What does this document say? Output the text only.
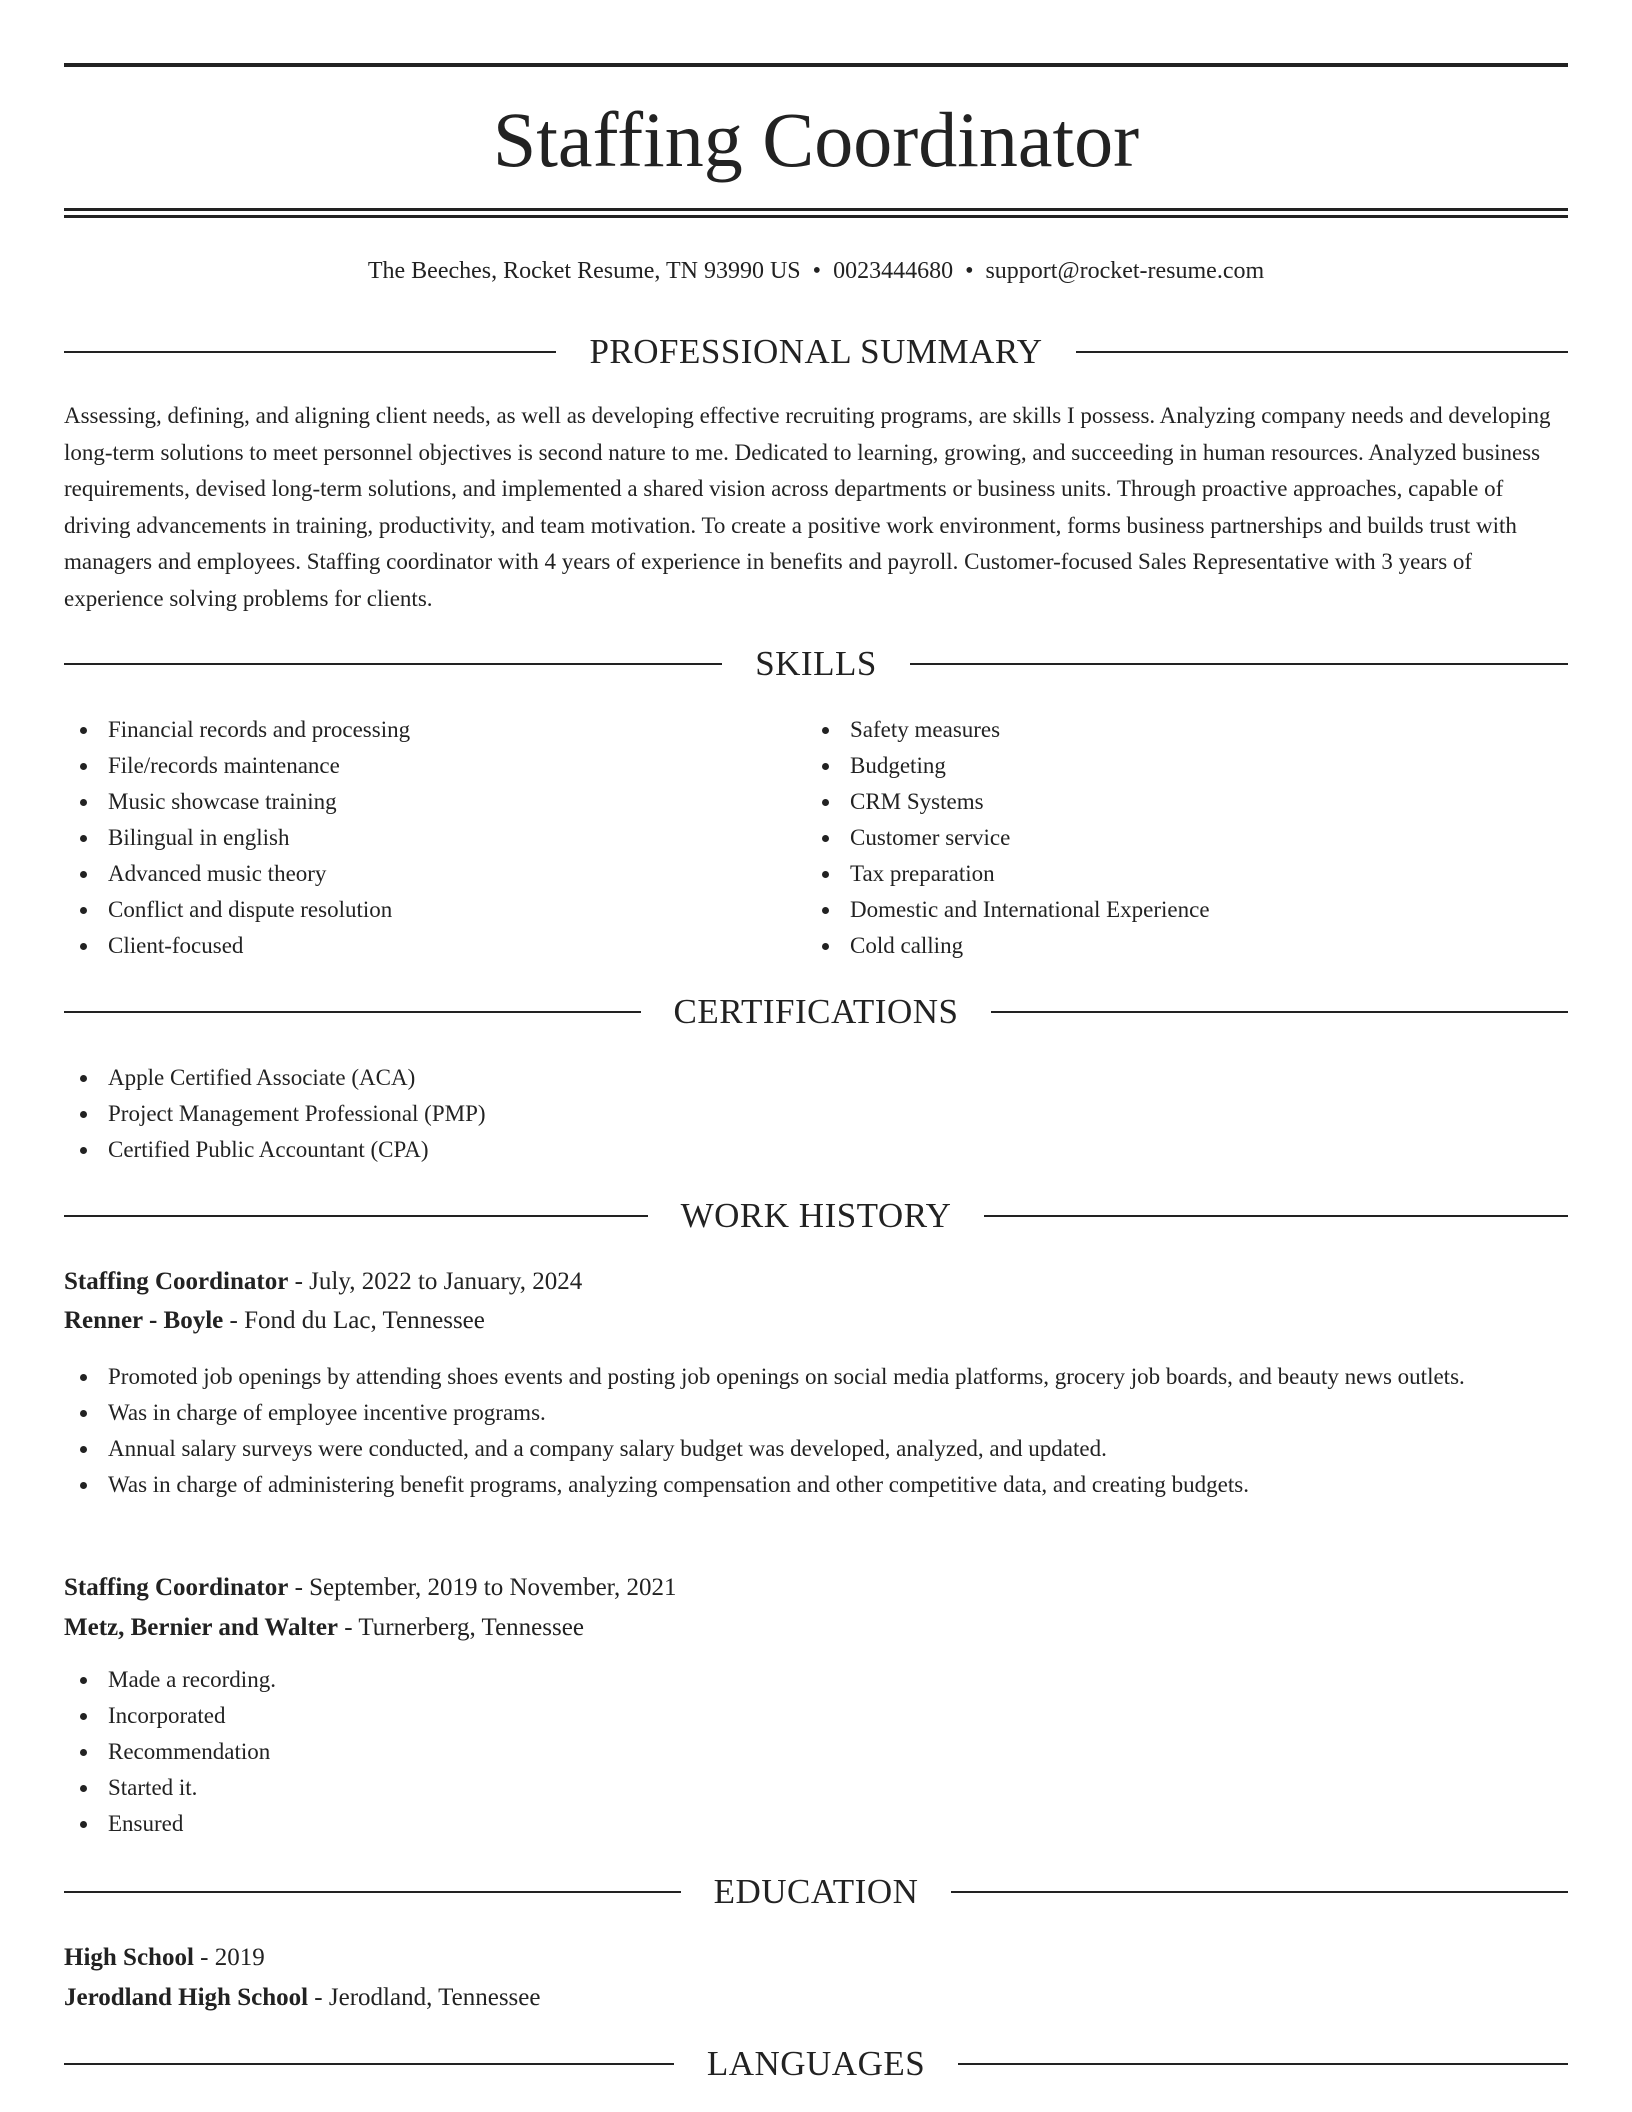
Staffing Coordinator
The Beeches, Rocket Resume, TN 93990 US • 0023444680 • support@rocket-resume.com
PROFESSIONAL SUMMARY

Assessing, defining, and aligning client needs, as well as developing effective recruiting programs, are skills I possess. Analyzing company needs and developing long-term solutions to meet personnel objectives is second nature to me. Dedicated to learning, growing, and succeeding in human resources. Analyzed business requirements, devised long-term solutions, and implemented a shared vision across departments or business units. Through proactive approaches, capable of driving advancements in training, productivity, and team motivation. To create a positive work environment, forms business partnerships and builds trust with managers and employees. Staffing coordinator with 4 years of experience in benefits and payroll. Customer-focused Sales Representative with 3 years of experience solving problems for clients.

SKILLS
Financial records and processing
File/records maintenance
Music showcase training
Bilingual in english
Advanced music theory
Conflict and dispute resolution
Client-focused
Safety measures
Budgeting
CRM Systems
Customer service
Tax preparation
Domestic and International Experience
Cold calling
CERTIFICATIONS
Apple Certified Associate (ACA)
Project Management Professional (PMP)
Certified Public Accountant (CPA)
WORK HISTORY
Staffing Coordinator - July, 2022 to January, 2024
Renner - Boyle - Fond du Lac, Tennessee
Promoted job openings by attending shoes events and posting job openings on social media platforms, grocery job boards, and beauty news outlets.
Was in charge of employee incentive programs.
Annual salary surveys were conducted, and a company salary budget was developed, analyzed, and updated.
Was in charge of administering benefit programs, analyzing compensation and other competitive data, and creating budgets.
Staffing Coordinator - September, 2019 to November, 2021
Metz, Bernier and Walter - Turnerberg, Tennessee
Made a recording.
Incorporated
Recommendation
Started it.
Ensured
EDUCATION
High School - 2019
Jerodland High School - Jerodland, Tennessee
LANGUAGES
